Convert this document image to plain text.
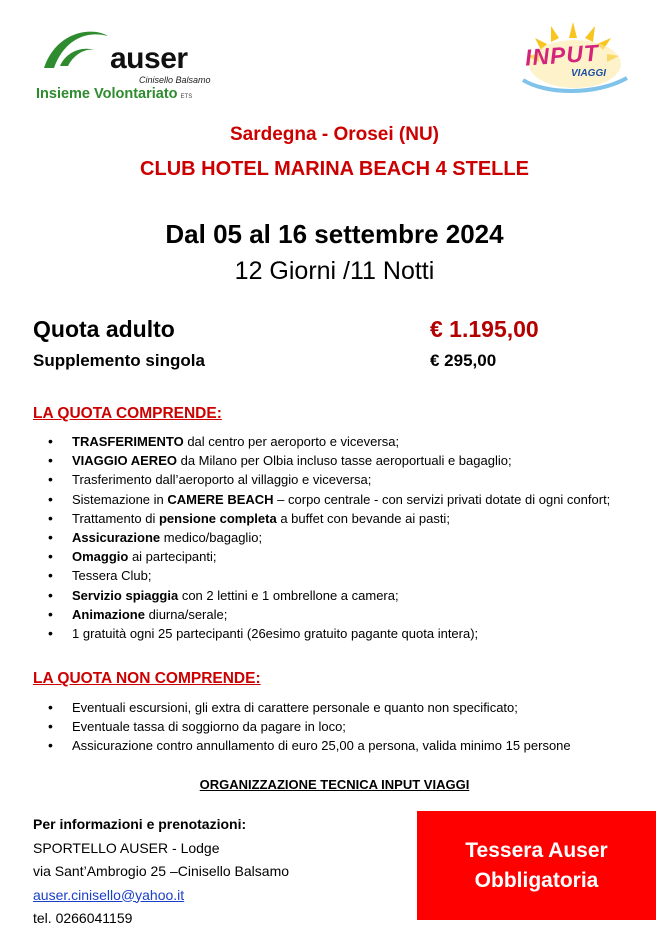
auser
Cinisello Balsamo
Insieme Volontariato ETS
INPUT
VIAGGI
Sardegna - Orosei (NU)
CLUB HOTEL MARINA BEACH 4 STELLE
Dal 05 al 16 settembre 2024
12 Giorni /11 Notti
Quota adulto	€ 1.195,00
Supplemento singola	€ 295,00
LA QUOTA COMPRENDE:
• TRASFERIMENTO dal centro per aeroporto e viceversa;
• VIAGGIO AEREO da Milano per Olbia incluso tasse aeroportuali e bagaglio;
• Trasferimento dall’aeroporto al villaggio e viceversa;
• Sistemazione in CAMERE BEACH – corpo centrale - con servizi privati dotate di ogni confort;
• Trattamento di pensione completa a buffet con bevande ai pasti;
• Assicurazione medico/bagaglio;
• Omaggio ai partecipanti;
• Tessera Club;
• Servizio spiaggia con 2 lettini e 1 ombrellone a camera;
• Animazione diurna/serale;
• 1 gratuità ogni 25 partecipanti (26esimo gratuito pagante quota intera);
LA QUOTA NON COMPRENDE:
• Eventuali escursioni, gli extra di carattere personale e quanto non specificato;
• Eventuale tassa di soggiorno da pagare in loco;
• Assicurazione contro annullamento di euro 25,00 a persona, valida minimo 15 persone
ORGANIZZAZIONE TECNICA INPUT VIAGGI
Per informazioni e prenotazioni:
SPORTELLO AUSER - Lodge
via Sant’Ambrogio 25 –Cinisello Balsamo
auser.cinisello@yahoo.it
tel. 0266041159
Tessera Auser
Obbligatoria
